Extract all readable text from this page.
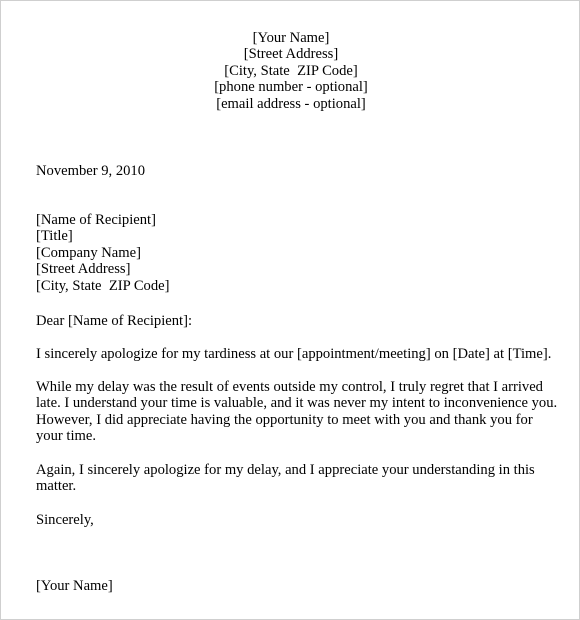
[Your Name]
[Street Address]
[City, State  ZIP Code]
[phone number - optional]
[email address - optional]
November 9, 2010
[Name of Recipient]
[Title]
[Company Name]
[Street Address]
[City, State  ZIP Code]
Dear [Name of Recipient]:
I sincerely apologize for my tardiness at our [appointment/meeting] on [Date] at [Time].
While my delay was the result of events outside my control, I truly regret that I arrived
late. I understand your time is valuable, and it was never my intent to inconvenience you.
However, I did appreciate having the opportunity to meet with you and thank you for
your time.
Again, I sincerely apologize for my delay, and I appreciate your understanding in this
matter.
Sincerely,
[Your Name]
